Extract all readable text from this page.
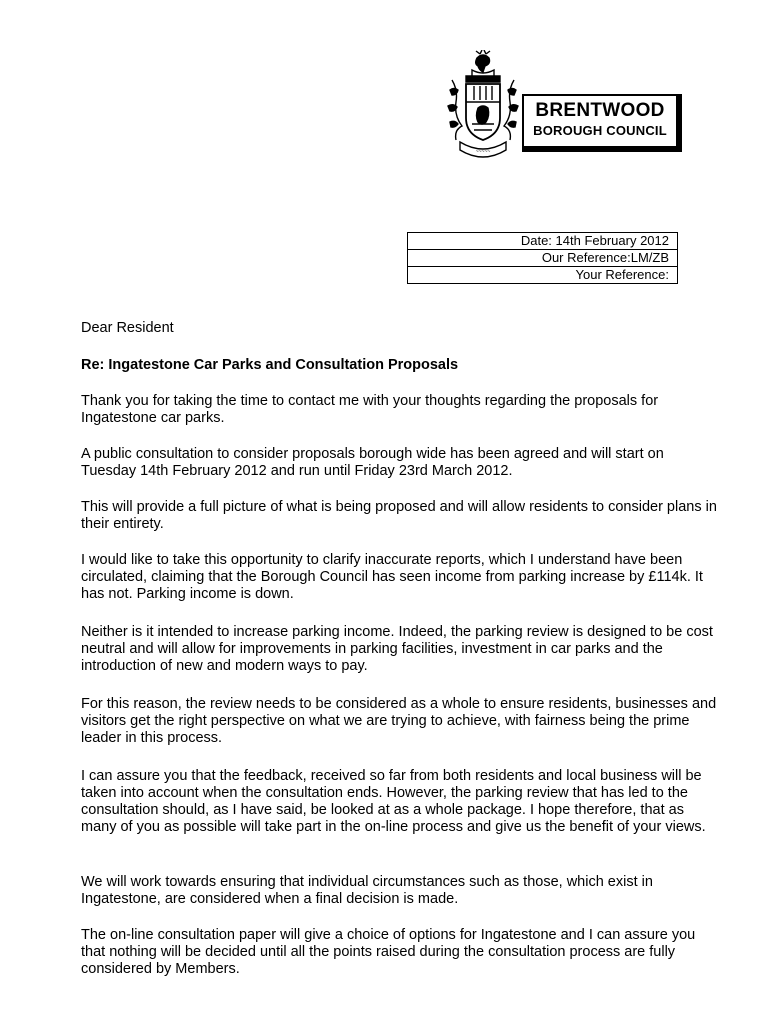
~~~~~
BRENTWOOD
BOROUGH COUNCIL
Date: 14th February 2012
Our Reference:LM/ZB
Your Reference:
Dear Resident
Re: Ingatestone Car Parks and Consultation Proposals

Thank you for taking the time to contact me with your thoughts regarding the proposals for Ingatestone car parks.

A public consultation to consider proposals borough wide has been agreed and will start on Tuesday 14th February 2012 and run until Friday 23rd March 2012.

This will provide a full picture of what is being proposed and will allow residents to consider plans in their entirety.

I would like to take this opportunity to clarify inaccurate reports, which I understand have been circulated, claiming that the Borough Council has seen income from parking increase by £114k. It has not. Parking income is down.

Neither is it intended to increase parking income. Indeed, the parking review is designed to be cost neutral and will allow for improvements in parking facilities, investment in car parks and the introduction of new and modern ways to pay.

For this reason, the review needs to be considered as a whole to ensure residents, businesses and visitors get the right perspective on what we are trying to achieve, with fairness being the prime leader in this process.

I can assure you that the feedback, received so far from both residents and local business will be taken into account when the consultation ends. However, the parking review that has led to the consultation should, as I have said, be looked at as a whole package. I hope therefore, that as many of you as possible will take part in the on-line process and give us the benefit of your views.

We will work towards ensuring that individual circumstances such as those, which exist in Ingatestone, are considered when a final decision is made.

The on-line consultation paper will give a choice of options for Ingatestone and I can assure you that nothing will be decided until all the points raised during the consultation process are fully considered by Members.
